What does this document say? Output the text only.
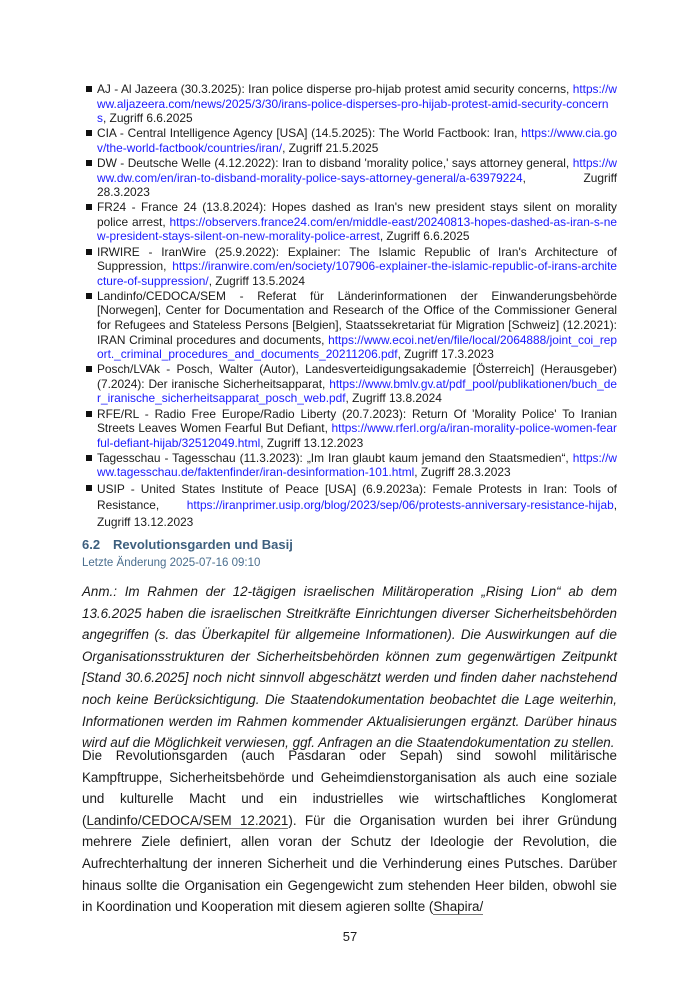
AJ - Al Jazeera (30.3.2025): Iran police disperse pro-hijab protest amid security concerns, https://www.aljazeera.com/news/2025/3/30/irans-police-disperses-pro-hijab-protest-amid-security-concerns, Zugriff 6.6.2025
CIA - Central Intelligence Agency [USA] (14.5.2025): The World Factbook: Iran, https://www.cia.gov/the-world-factbook/countries/iran/, Zugriff 21.5.2025
DW - Deutsche Welle (4.12.2022): Iran to disband 'morality police,' says attorney general, https://www.dw.com/en/iran-to-disband-morality-police-says-attorney-general/a-63979224, Zugriff 28.3.2023
FR24 - France 24 (13.8.2024): Hopes dashed as Iran's new president stays silent on morality police arrest, https://observers.france24.com/en/middle-east/20240813-hopes-dashed-as-iran-s-new-president-stays-silent-on-new-morality-police-arrest, Zugriff 6.6.2025
IRWIRE - IranWire (25.9.2022): Explainer: The Islamic Republic of Iran's Architecture of Suppression, https://iranwire.com/en/society/107906-explainer-the-islamic-republic-of-irans-architecture-of-suppression/, Zugriff 13.5.2024
Landinfo/CEDOCA/SEM - Referat für Länderinformationen der Einwanderungsbehörde [Norwegen], Center for Documentation and Research of the Office of the Commissioner General for Refugees and Stateless Persons [Belgien], Staatssekretariat für Migration [Schweiz] (12.2021): IRAN Criminal procedures and documents, https://www.ecoi.net/en/file/local/2064888/joint_coi_report._criminal_procedures_and_documents_20211206.pdf, Zugriff 17.3.2023
Posch/LVAk - Posch, Walter (Autor), Landesverteidigungsakademie [Österreich] (Herausgeber) (7.2024): Der iranische Sicherheitsapparat, https://www.bmlv.gv.at/pdf_pool/publikationen/buch_der_iranische_sicherheitsapparat_posch_web.pdf, Zugriff 13.8.2024
RFE/RL - Radio Free Europe/Radio Liberty (20.7.2023): Return Of 'Morality Police' To Iranian Streets Leaves Women Fearful But Defiant, https://www.rferl.org/a/iran-morality-police-women-fearful-defiant-hijab/32512049.html, Zugriff 13.12.2023
Tagesschau - Tagesschau (11.3.2023): „Im Iran glaubt kaum jemand den Staatsmedien“, https://www.tagesschau.de/faktenfinder/iran-desinformation-101.html, Zugriff 28.3.2023
USIP - United States Institute of Peace [USA] (6.9.2023a): Female Protests in Iran: Tools of Resistance, https://iranprimer.usip.org/blog/2023/sep/06/protests-anniversary-resistance-hijab, Zugriff 13.12.2023
6.2 Revolutionsgarden und Basij
Letzte Änderung 2025-07-16 09:10

Anm.: Im Rahmen der 12-tägigen israelischen Militäroperation „Rising Lion“ ab dem 13.6.2025 haben die israelischen Streitkräfte Einrichtungen diverser Sicherheitsbehörden angegriffen (s. das Überkapitel für allgemeine Informationen). Die Auswirkungen auf die Organisationsstrukturen der Sicherheitsbehörden können zum gegenwärtigen Zeitpunkt [Stand 30.6.2025] noch nicht sinnvoll abgeschätzt werden und finden daher nachstehend noch keine Berücksichtigung. Die Staatendokumentation beobachtet die Lage weiterhin, Informationen werden im Rahmen kommender Aktualisierungen ergänzt. Darüber hinaus wird auf die Möglichkeit verwiesen, ggf. Anfragen an die Staatendokumentation zu stellen.

Die Revolutionsgarden (auch Pasdaran oder Sepah) sind sowohl militärische Kampftruppe, Sicherheitsbehörde und Geheimdienstorganisation als auch eine soziale und kulturelle Macht und ein industrielles wie wirtschaftliches Konglomerat (Landinfo/CEDOCA/SEM 12.2021). Für die Organisation wurden bei ihrer Gründung mehrere Ziele definiert, allen voran der Schutz der Ideologie der Revolution, die Aufrechterhaltung der inneren Sicherheit und die Verhinderung eines Putsches. Darüber hinaus sollte die Organisation ein Gegengewicht zum stehenden Heer bilden, obwohl sie in Koordination und Kooperation mit diesem agieren sollte (Shapira/

57
